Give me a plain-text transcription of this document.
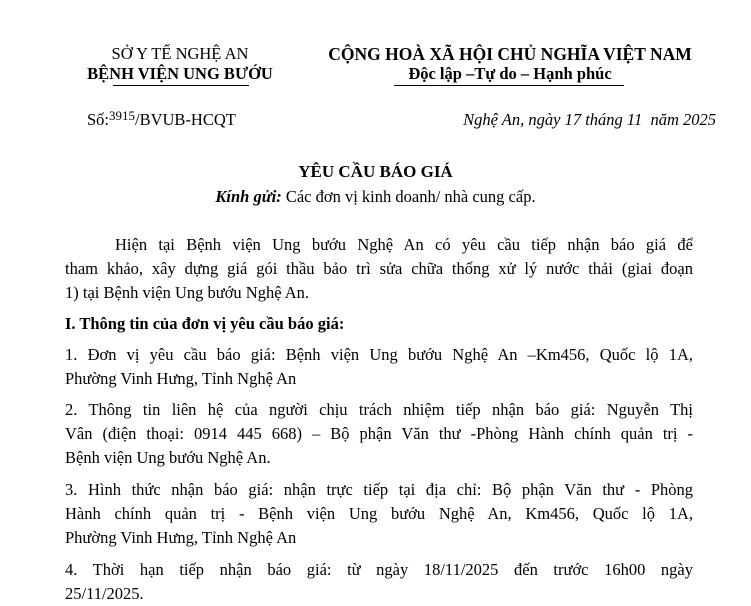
SỞ Y TẾ NGHỆ AN
BỆNH VIỆN UNG BƯỚU
CỘNG HOÀ XÃ HỘI CHỦ NGHĨA VIỆT NAM
Độc lập –Tự do – Hạnh phúc
Số:$^{3915}$/BVUB-HCQT	Nghệ An, ngày 17 tháng 11  năm 2025
YÊU CẦU BÁO GIÁ
Kính gửi: Các đơn vị kinh doanh/ nhà cung cấp.
Hiện tại Bệnh viện Ung bướu Nghệ An có yêu cầu tiếp nhận báo giá để
tham khảo, xây dựng giá gói thầu bảo trì sửa chữa thống xử lý nước thải (giai đoạn
1) tại Bệnh viện Ung bướu Nghệ An.
I. Thông tin của đơn vị yêu cầu báo giá:
1. Đơn vị yêu cầu báo giá: Bệnh viện Ung bướu Nghệ An –Km456, Quốc lộ 1A,
Phường Vinh Hưng, Tỉnh Nghệ An
2. Thông tin liên hệ của người chịu trách nhiệm tiếp nhận báo giá: Nguyễn Thị
Vân (điện thoại: 0914 445 668) – Bộ phận Văn thư -Phòng Hành chính quản trị -
Bệnh viện Ung bướu Nghệ An.
3. Hình thức nhận báo giá: nhận trực tiếp tại địa chỉ: Bộ phận Văn thư - Phòng
Hành chính quản trị - Bệnh viện Ung bướu Nghệ An, Km456, Quốc lộ 1A,
Phường Vinh Hưng, Tỉnh Nghệ An
4. Thời hạn tiếp nhận báo giá: từ ngày 18/11/2025 đến trước 16h00 ngày
25/11/2025.
